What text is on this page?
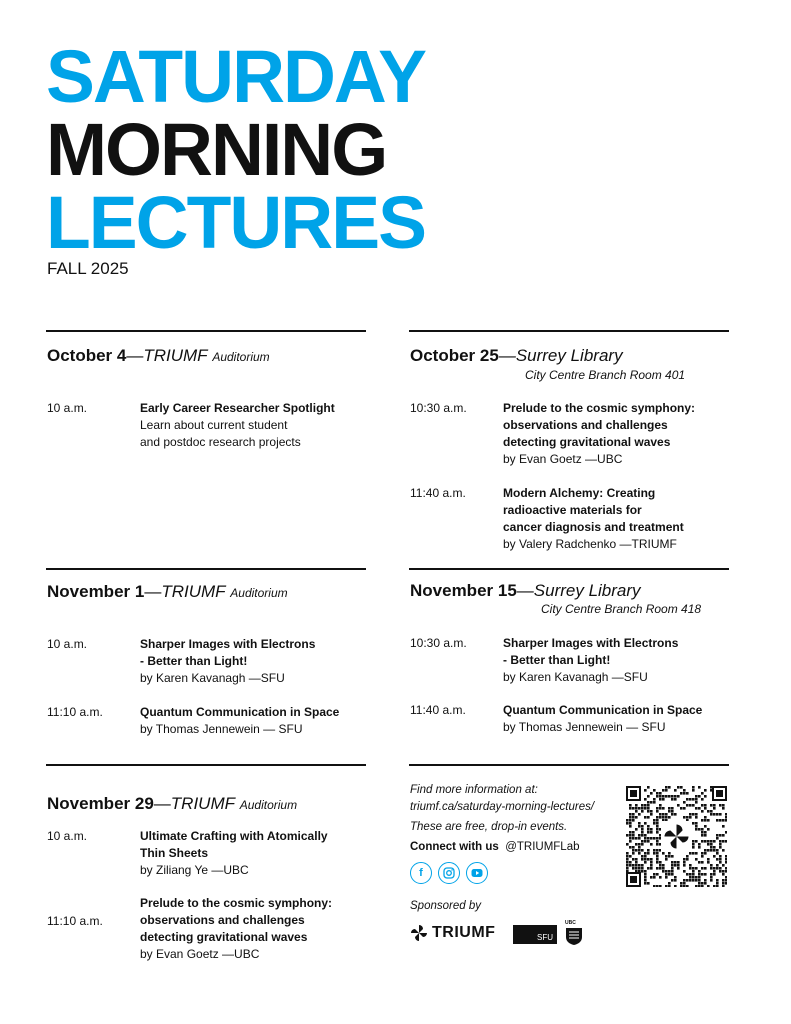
SATURDAY
MORNING
LECTURES
FALL 2025
October 4—TRIUMF Auditorium
10 a.m.	Early Career Researcher Spotlight
Learn about current student
and postdoc research projects
October 25—Surrey Library
City Centre Branch Room 401
10:30 a.m.	Prelude to the cosmic symphony:
observations and challenges
detecting gravitational waves
by Evan Goetz —UBC
11:40 a.m.	Modern Alchemy: Creating
radioactive materials for
cancer diagnosis and treatment
by Valery Radchenko —TRIUMF
November 1—TRIUMF Auditorium
10 a.m.	Sharper Images with Electrons
- Better than Light!
by Karen Kavanagh —SFU
11:10 a.m.	Quantum Communication in Space
by Thomas Jennewein — SFU
November 15—Surrey Library
City Centre Branch Room 418
10:30 a.m.	Sharper Images with Electrons
- Better than Light!
by Karen Kavanagh —SFU
11:40 a.m.	Quantum Communication in Space
by Thomas Jennewein — SFU
November 29—TRIUMF Auditorium
10 a.m.	Ultimate Crafting with Atomically
Thin Sheets
by Ziliang Ye —UBC
11:10 a.m.
Prelude to the cosmic symphony:
observations and challenges
detecting gravitational waves
by Evan Goetz —UBC
Find more information at:
triumf.ca/saturday-morning-lectures/
These are free, drop-in events.
Connect with us @TRIUMFLab
f
Sponsored by
TRIUMF	SFU
UBC
